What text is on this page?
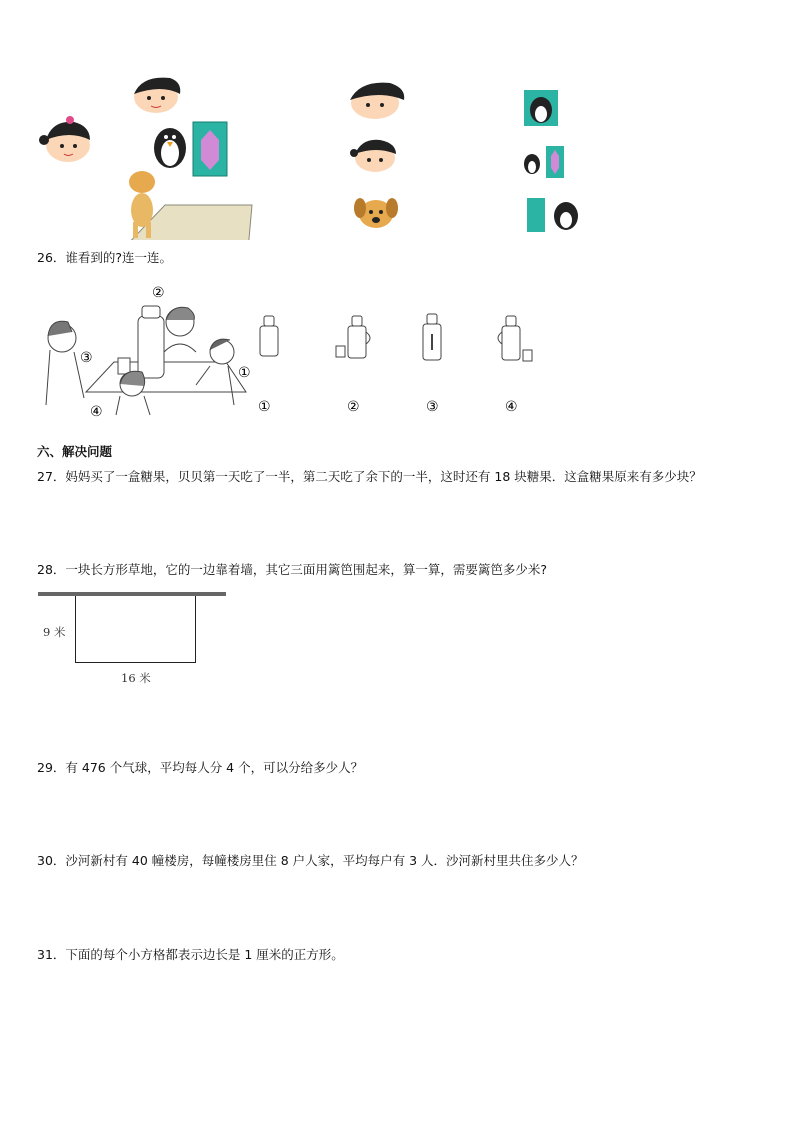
26．谁看到的?连一连。
②
③
①
④	①	②	③	④
六、解决问题
27．妈妈买了一盒糖果，贝贝第一天吃了一半，第二天吃了余下的一半，这时还有 18 块糖果．这盒糖果原来有多少块？
28．一块长方形草地，它的一边靠着墙，其它三面用篱笆围起来，算一算，需要篱笆多少米?
9 米
16 米
29．有 476 个气球，平均每人分 4 个，可以分给多少人？
30．沙河新村有 40 幢楼房，每幢楼房里住 8 户人家，平均每户有 3 人．沙河新村里共住多少人？
31．下面的每个小方格都表示边长是 1 厘米的正方形。
